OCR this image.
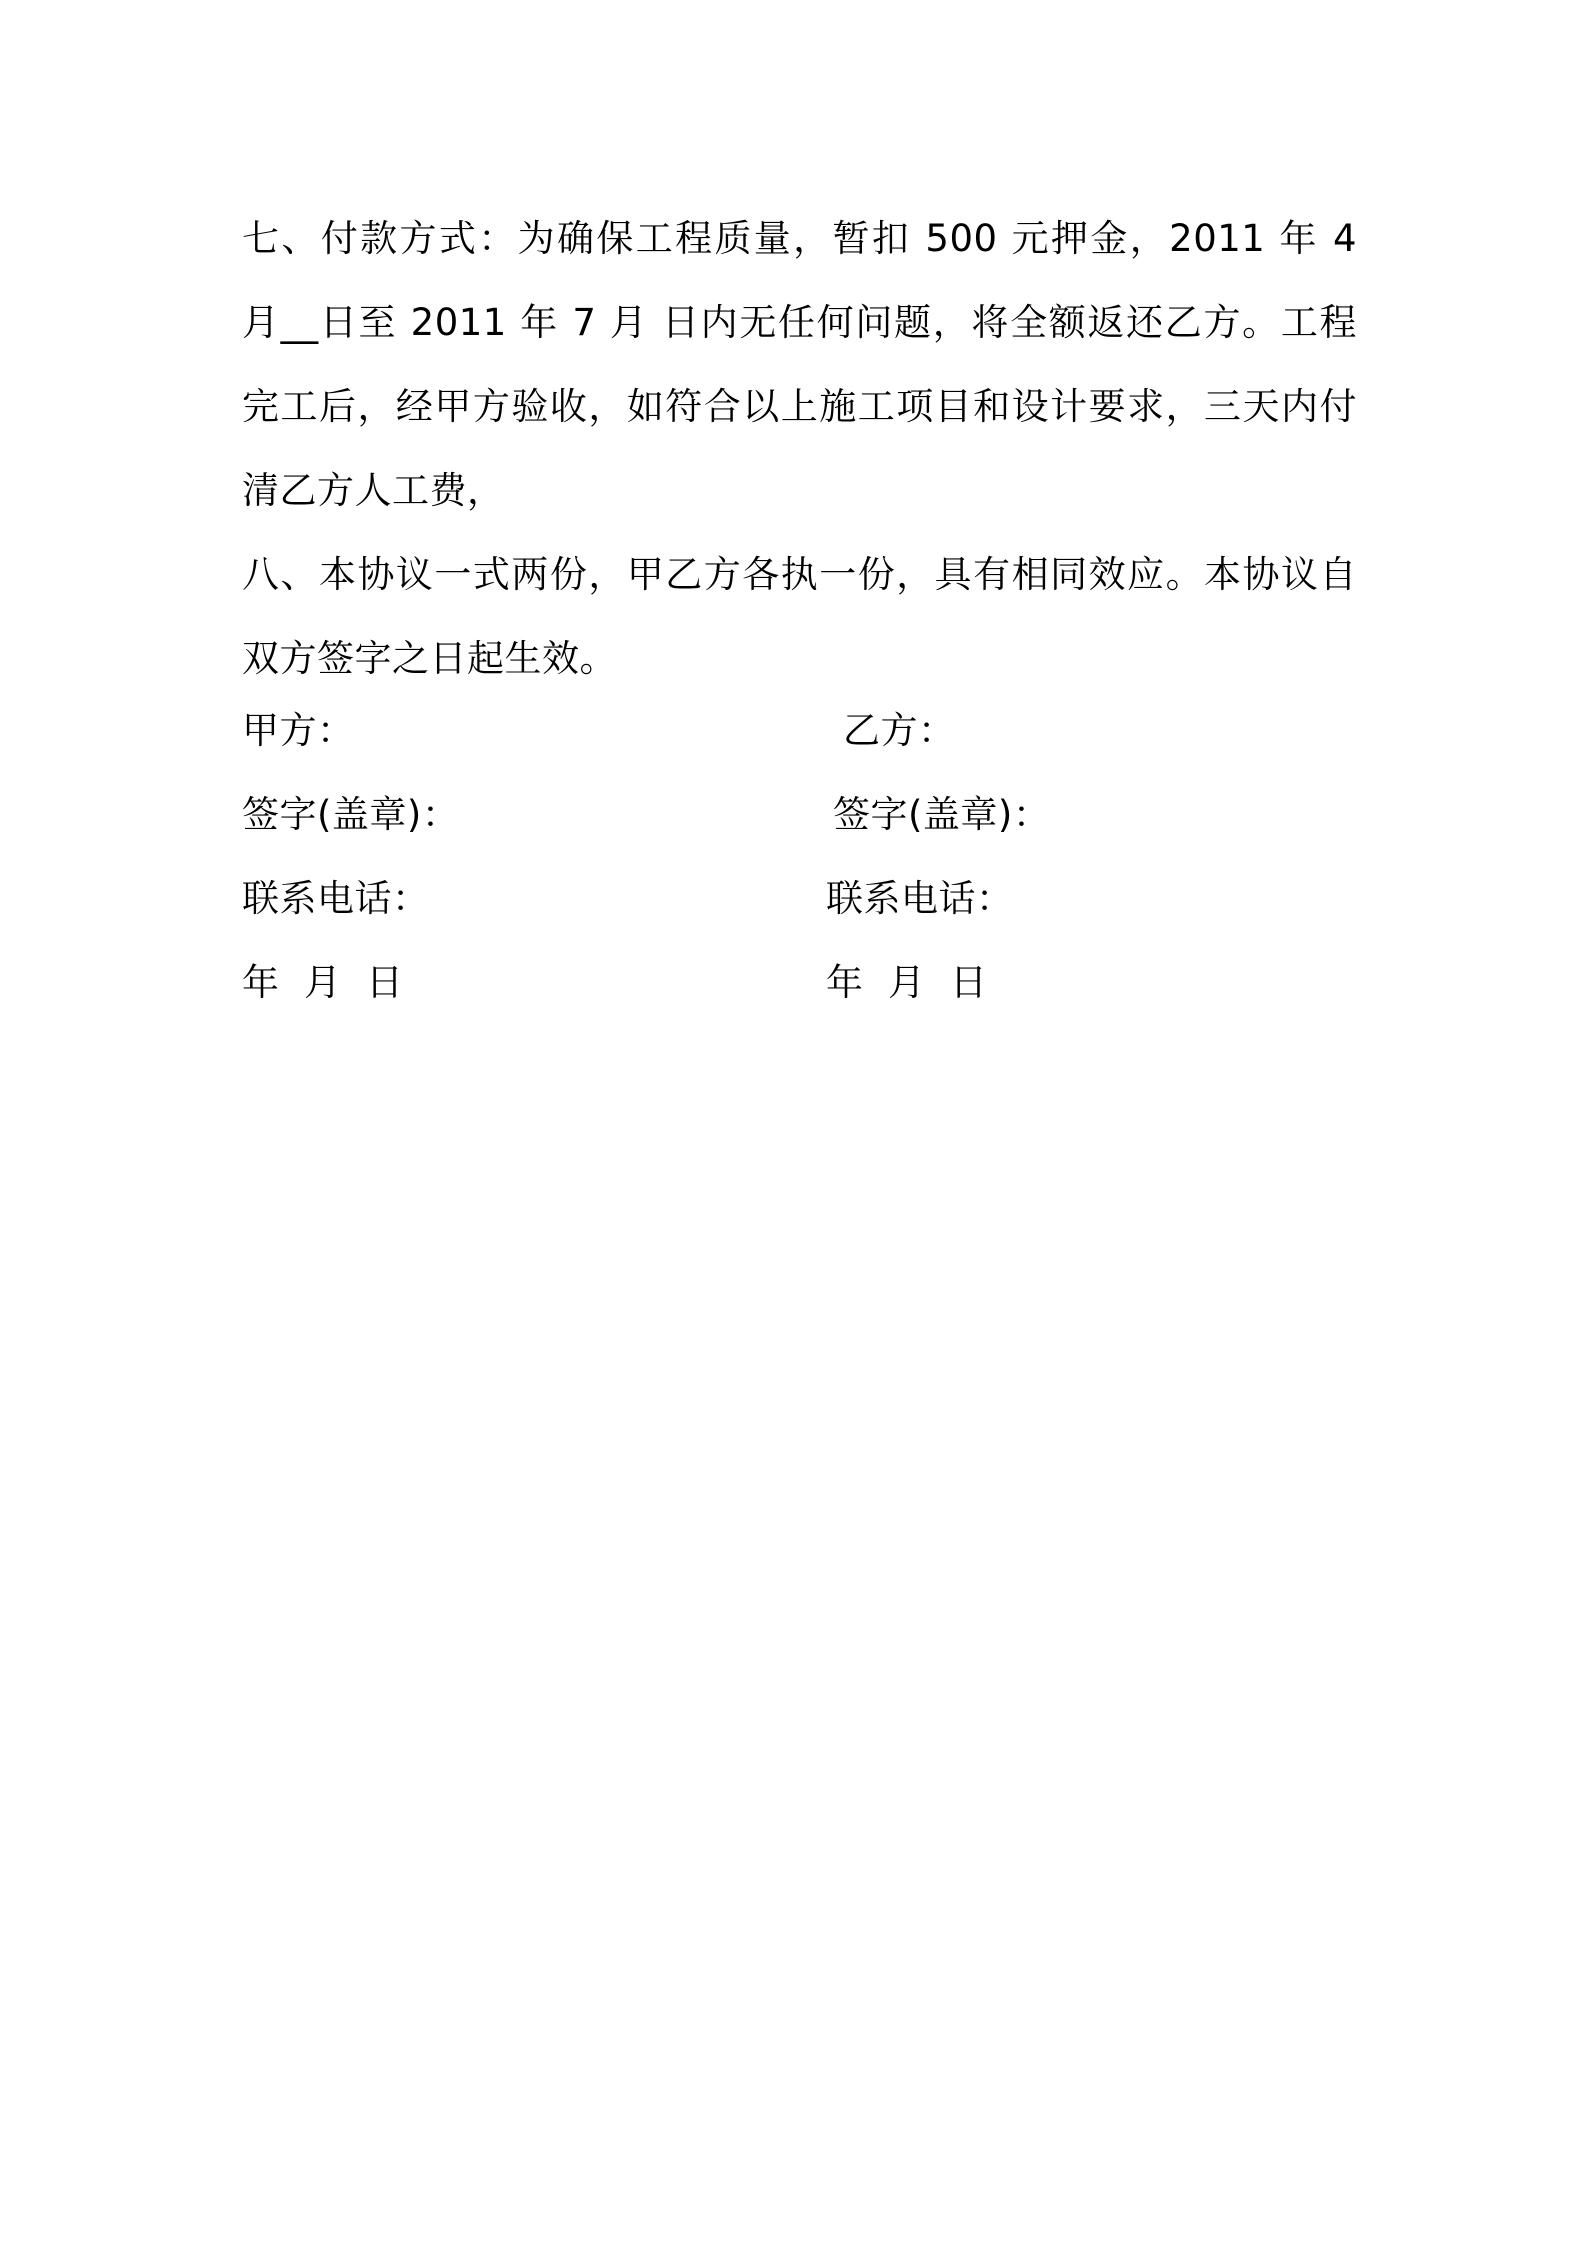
七、付款方式：为确保工程质量，暂扣 500 元押金，2011 年 4 月__日至 2011 年 7 月 日内无任何问题，将全额返还乙方。工程完工后，经甲方验收，如符合以上施工项目和设计要求，三天内付清乙方人工费，

八、本协议一式两份，甲乙方各执一份，具有相同效应。本协议自双方签字之日起生效。

甲方：
签字(盖章)：
联系电话：
年  月  日
乙方：
签字(盖章)：
联系电话：
年  月  日
